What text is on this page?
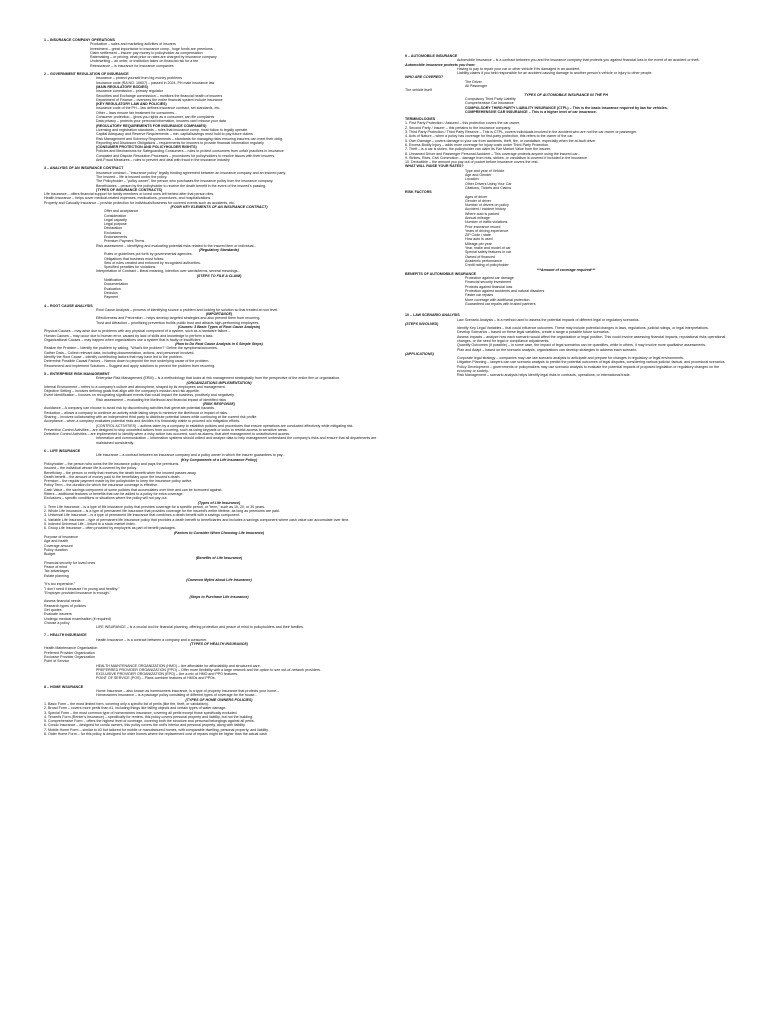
1 – INSURANCE COMPANY OPERATIONS
Production – sales and marketing activities of insurers
Investment – great importance to insurance comp., huge funds are premiums
Claim settlement – insurer pay money to policyholder as compensation
Ratemaking – or pricing, what price or rates are charged by insurance company
Underwriting – an order, or institution takes on financial risk for a fee
Reinsurance – is insurance for insurance companies
2 – GOVERNMENT REGULATION OF INSURANCE
Insurance – protect yourself from big money problems
Insurance code (RA NO. 10607) – passed in 2024, PH main insurance law
(MAIN REGULATORY BODIES)
Insurance commission – primary regulator
Securities and Exchange commission – monitors the financial health of insurers
Department of Finance – oversees the entire financial system include insurance
(KEY REGULATORY LAW AND POLICIES)
Insurance code of the PH – law defines insurance contract, set standards, etc.
Other – laws ensure fair treatment for consumers...
Consumer protection – gives you rights as a consumer, can file complaints
Data privacy – protects your personal information, insurers can't misuse your data
(REGULATORY REQUIREMENTS FOR INSURANCE COMPANIES)
Licensing and registration standards – rules that insurance comp. must follow to legally operate
Capital Adequacy and Reserve Requirements – min. capital/savings must hold to pay future claims
Risk Management and Solvency Requirements – standards for managing risks ensuring insurers can meet their oblig.
Reporting and Disclosure Obligations – requirements for insurers to provide financial information regularly
(CONSUMER PROTECTION AND POLICYHOLDER RIGHTS)
Policies and Mechanisms for Safeguarding Consumers – rules to protect consumers from unfair practices in insurance
Complaint and Dispute Resolution Processes – procedures for policyholders to resolve issues with their insurers
Anti-Fraud Measures – rules to prevent and deal with fraud in the insurance industry
3 – ANALYSIS OF AN INSURANCE CONTRACT
Insurance contract – "insurance policy" legally binding agreement between an insurance company and an insured party.
The Insured – life is insured under the policy.
The Policyholder – "policy owner", the person who purchases the insurance policy from the insurance company.
Beneficiaries – person by the policyholder to receive the death benefit in the event of the insured's passing.
(TYPES OF INSURANCE CONTRACTS)
Life Insurance – offers financial support for family members or loved ones left behind after that person dies.
Health Insurance – helps cover medical-related expenses, medications, procedures, and hospitalizations.
Property and Casualty Insurance – provide protection for individuals/business for covered events such as accidents, etc.
(FOUR KEY ELEMENTS OF AN INSURANCE CONTRACT)
Offer and acceptance
Consideration
Legal capacity
Legal purpose
Declaration
Exclusions
Endorsements
Premium Payment Terms
Risk assessment – identifying and evaluating potential risks related to the insured item or individual...
(Regulatory Standards)
Rules or guidelines put forth by governmental agencies.
Obligations that business must follow.
Sets of rules created and enforced by recognized authorities.
Specified penalties for violations.
Interpretation of Contract – literal meaning, intention over words/terms, several meanings...
(STEPS TO FILE A CLAIM)
Notification
Documentation
Evaluation
Decision
Payment
4 – ROOT CAUSE ANALYSIS
Root Cause Analysis – process of identifying source a problem and looking for solution so that treated at root level.
(IMPORTANCE)
Effectiveness and Prevention – helps develop targeted strategies and also prevent them from recurring.
Trust and Attraction – prioritizing prevention builds public trust and attracts high-performing employees.
(Causes: 3 Basic Types of Root Cause Analysis)
Physical Causes – may arise due to problems with any physical component of a system, such as a hardware failure...
Human Causes – may occur due to human error, caused by lack of skills and knowledge to perform a task.
Organizational Causes – may happen when organizations use a system that is faulty or insufficient.
(How to Do Root Cause Analysis in 6 Simple Steps)
Realize the Problem – Identify the problem by asking, "What's the problem?" Define the symptoms/outcomes.
Gather Data – Collect relevant data, including documentation, actions, and personnel involved.
Identify the Root Cause – Identify contributing factors that may have led to the problem.
Determine Possible Causal Factors – Narrow down to pinpoint the true underlying cause of the problem.
Recommend and Implement Solutions – Suggest and apply solutions to prevent the problem from recurring.
5 – ENTERPRISE RISK MANAGEMENT
Enterprise Risk Management (ERM) – is a methodology that looks at risk management strategically from the perspective of the entire firm or organization.
(ORGANIZATIONS IMPLEMENTATION)
Internal Environment – refers to a company's culture and atmosphere, shaped by its employees and management.
Objective Setting – involves defining goals that align with the company's mission and risk appetite.
Event Identification – focuses on recognizing significant events that could impact the business, positively and negatively.
Risk assessment – evaluating the likelihood and financial impact of identified risks
(RISK RESPONSE)
Avoidance – A company can choose to avoid risk by discontinuing activities that generate potential hazards.
Reduction – allows a company to continue an activity while taking steps to minimize the likelihood or impact of risks.
Sharing – involves collaborating with an independent third party to distribute potential losses while continuing at the current risk profile.
Acceptance – when a company evaluates potential risks and decides it is financially viable to proceed w/o mitigation efforts.
(CONTROL ACTIVITIES) – actions taken by a company to establish policies and procedures that ensure operations are conducted effectively while mitigating risk.
Preventive Control Activities – are designed to stop unwanted actions from occurring, such as using keypads or locks to restrict access to sensitive areas.
Detective Control Activities – are implemented to identify when a risky action has occurred, such as alarms, that alert management to unauthorized access.
Information and communication – Information systems should collect and analyze data to help management understand the company's risks and ensure that all departments are maintained consistently.
6 – LIFE INSURANCE
Life insurance – a contract between an insurance company and a policy owner in which the insurer guarantees to pay...
(Key Components of a Life Insurance Policy)
Policyholder – the person who owns the life insurance policy and pays the premiums.
Insured – the individual whose life is covered by the policy.
Beneficiary – the person or entity that receives the death benefit when the insured passes away.
Death benefit – the amount of money paid to the beneficiary upon the insured's death.
Premium – the regular payment made by the policyholder to keep the insurance policy active.
Policy Term – the duration for which the insurance coverage is effective.
Cash Value – the savings component of some policies that accumulates over time and can be borrowed against.
Riders – additional features or benefits that can be added to a policy for extra coverage.
Exclusions – specific conditions or situations where the policy will not pay out.
(Types of Life Insurance)
1. Term Life Insurance – is a type of life insurance policy that provides coverage for a specific period, or "term," such as 10, 20, or 30 years.
2. Whole Life Insurance – is a type of permanent life insurance that provides coverage for the insured's entire lifetime, as long as premiums are paid.
3. Universal Life Insurance – is a type of permanent life insurance that combines a death benefit with a savings component.
4. Variable Life Insurance – type of permanent life insurance policy that provides a death benefit to beneficiaries and includes a savings component where cash value can accumulate over time.
5. Indexed Universal Life – linked to a stock market index.
6. Group Life Insurance – often provided by employers as part of benefit packages.
(Factors to Consider When Choosing Life Insurance)
Purpose of insurance
Age and health
Coverage amount
Policy duration
Budget
(Benefits of Life Insurance)
Financial security for loved ones
Peace of mind
Tax advantages
Estate planning
(Common Myths about Life Insurance)
"It's too expensive."
"I don't need it because I'm young and healthy."
"Employer-provided insurance is enough."
(Steps to Purchase Life Insurance)
Assess financial needs
Research types of policies
Get quotes
Evaluate insurers
Undergo medical examination (if required)
Choose a policy
LIFE INSURANCE – is a crucial tool for financial planning, offering protection and peace of mind to policyholders and their families.
7 – HEALTH INSURANCE
Health Insurance – is a contract between a company and a consumer.
(TYPES OF HEALTH INSURANCE)
Health Maintenance Organization
Preferred Provider Organization
Exclusive Provider Organization
Point of Service
HEALTH MAINTENANCE ORGANIZATION (HMO) – Are affordable for affordability and structured care.
PREFERRED PROVIDER ORGANIZATION (PPO) – Offer more flexibility with a large network and the option to see out-of-network providers.
EXCLUSIVE PROVIDER ORGANIZATION (EPO) – Are a mix of HMO and PPO features.
POINT OF SERVICE (POS) – Plans combine features of HMOs and PPOs.
8 – HOME INSURANCE
Home Insurance – also known as homeowners insurance, is a type of property insurance that protects your home...
Homeowners Insurance – is a package policy consisting of different types of coverage for the house...
(TYPES OF HOME OWNERS POLICIES)
1. Basic Form – the most limited form, covering only a specific list of perils (like fire, theft, or vandalism).
2. Broad Form – covers more perils than #1, including things like falling objects and certain types of water damage.
3. Special Form – the most common type of homeowners insurance, covering all perils except those specifically excluded.
4. Tenant's Form (Renter's Insurance) – specifically for renters, this policy covers personal property and liability, but not the building.
5. Comprehensive Form – offers the highest level of coverage, covering both the structure and personal belongings against all perils.
6. Condo Insurance – designed for condo owners, this policy covers the unit's interior and personal property, along with liability.
7. Mobile Home Form – similar to #3 but tailored for mobile or manufactured homes, with comparable dwelling, personal property, and liability.
8. Older Home Form – for this policy is designed for older homes where the replacement cost of repairs might be higher than the actual cash
9 – AUTOMOBILE INSURANCE
Automobile Insurance – is a contract between you and the insurance company that protects you against financial loss in the event of an accident or theft.
Automobile insurance protects you from:
Having to pay to repair your car or other vehicle if its damaged in an accident.
Liability claims if you held responsible for an accident causing damage to another person's vehicle or injury to other people.
WHO ARE COVERED?
The Driver
All Passenger
The vehicle itself
TYPES OF AUTOMOBILE INSURANCE IN THE PH
Compulsory Third Party Liability
Comprehensive Car Insurance
COMPULSORY THIRD PARTY LIABILITY INSURANCE (CTPL) – This is the basic insurance required by law for vehicles.
COMPREHENSIVE CAR INSURANCE – This is a higher level of car insurance.
TERMINOLOGIES
1. First Party Protection / Assured – this protection covers the car owner.
2. Second Party / Insurer – this pertains to the insurance company.
3. Third Party Protection / Third Party Reserve – This is CTPL, covers individuals involved in the accident who are not the car owner or passenger.
4. Acts of Nature – when a policy has coverage for first-party protection, this refers to the owner of the car.
5. Own Damage – covers damage to your car from accidents, theft, fire, or vandalism, especially when the at-fault driver
6. Excess Bodily Injury – adds more coverage for injury costs under Third-Party Protection.
7. Theft – is a car is stolen, the policyholder can claim its Fair Market Value from the insurer.
8. Unnamed Driver and Passenger Personal Accident – This coverage protects anyone using the insured car...
9. Strikes, Riots, Civil Commotion – damage from riots, strikes, or vandalism is covered if included in the insurance
10. Deductible – the amount you pay out of pocket before insurance covers the rest.
WHAT WILL RAISE YOUR RATES?
Type and year of Vehicle
Age and Gender
Location
Other Drivers Using Your Car
Citations, Tickets and Claims
RISK FACTORS
Ages of driver
Gender of driver
Number of drivers on policy
Accident / incident history
Where auto is parked
Annual mileage
Number of traffic violations
Prior insurance record
Years of driving experience
ZIP Code / state
How auto is used
Mileage per year
Year, make and model of car
Special safety features in car
Owned of financed
Academic performance
Credit rating of policyholder
***Amount of coverage required***
BENEFITS OF AUTOMOBILE INSURANCE
Protection against car damage
Financial security investment
Protects against financial loss
Protection against accidents and natural disasters
Faster car repairs
More coverage with additional protection
Guaranteed car repairs with trusted partners
10 – LAW SCENARIO ANALYSIS
Law Scenario Analysis – is a method used to assess the potential impacts of different legal or regulatory scenarios.
(STEPS INVOLVED)
Identify Key Legal Variables – that could influence outcomes. These may include potential changes in laws, regulations, judicial rulings, or legal interpretations.
Develop Scenarios – based on these legal variables, create a range a possible future scenarios.
Assess Impacts – analyze how each scenario would affect the organization or legal position. This could involve assessing financial impacts, reputational risks operational changes, or the need for legal or compliance adjustments.
Quantify Outcomes (if possible) – in some case, the impact of legal scenarios can be quantifies, while in others, it may involve more qualitative assessments.
Plan and Adapt – based on the scenario analysis, organizations can develop strategies to address each scenario.
(APPLICATIONS)
Corporate legal strategy – companies may use law scenario analysis to anticipate and prepare for changes in regulatory or legal environments.
Litigation Planning – lawyers can use scenario analysis to predict the potential outcomes of legal disputes, considering various judicial, factual, and procedural scenarios.
Policy Development – governments or policymakers may use scenario analysis to evaluate the potential impacts of proposed legislation or regulatory changes on the economy or society.
Risk Management – scenario analysis helps identify legal risks in contracts, operations, or international trade.
